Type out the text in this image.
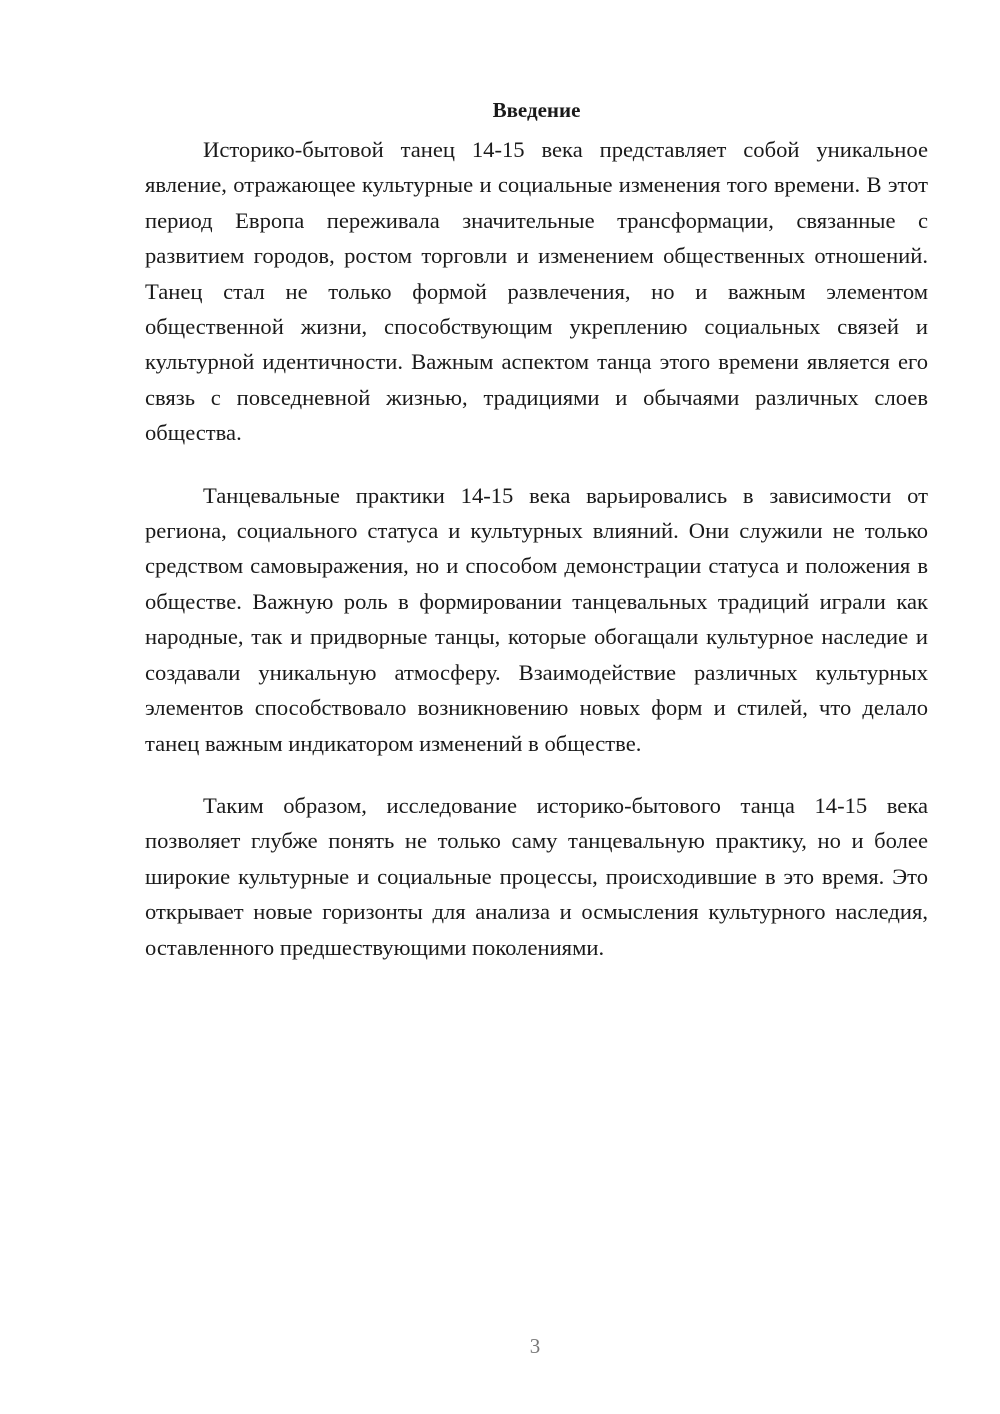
Введение

Историко-бытовой танец 14-15 века представляет собой уникальное явление, отражающее культурные и социальные изменения того времени. В этот период Европа переживала значительные трансформации, связанные с развитием городов, ростом торговли и изменением общественных отношений. Танец стал не только формой развлечения, но и важным элементом общественной жизни, способствующим укреплению социальных связей и культурной идентичности. Важным аспектом танца этого времени является его связь с повседневной жизнью, традициями и обычаями различных слоев общества.

Танцевальные практики 14-15 века варьировались в зависимости от региона, социального статуса и культурных влияний. Они служили не только средством самовыражения, но и способом демонстрации статуса и положения в обществе. Важную роль в формировании танцевальных традиций играли как народные, так и придворные танцы, которые обогащали культурное наследие и создавали уникальную атмосферу. Взаимодействие различных культурных элементов способствовало возникновению новых форм и стилей, что делало танец важным индикатором изменений в обществе.

Таким образом, исследование историко-бытового танца 14-15 века позволяет глубже понять не только саму танцевальную практику, но и более широкие культурные и социальные процессы, происходившие в это время. Это открывает новые горизонты для анализа и осмысления культурного наследия, оставленного предшествующими поколениями.

3
